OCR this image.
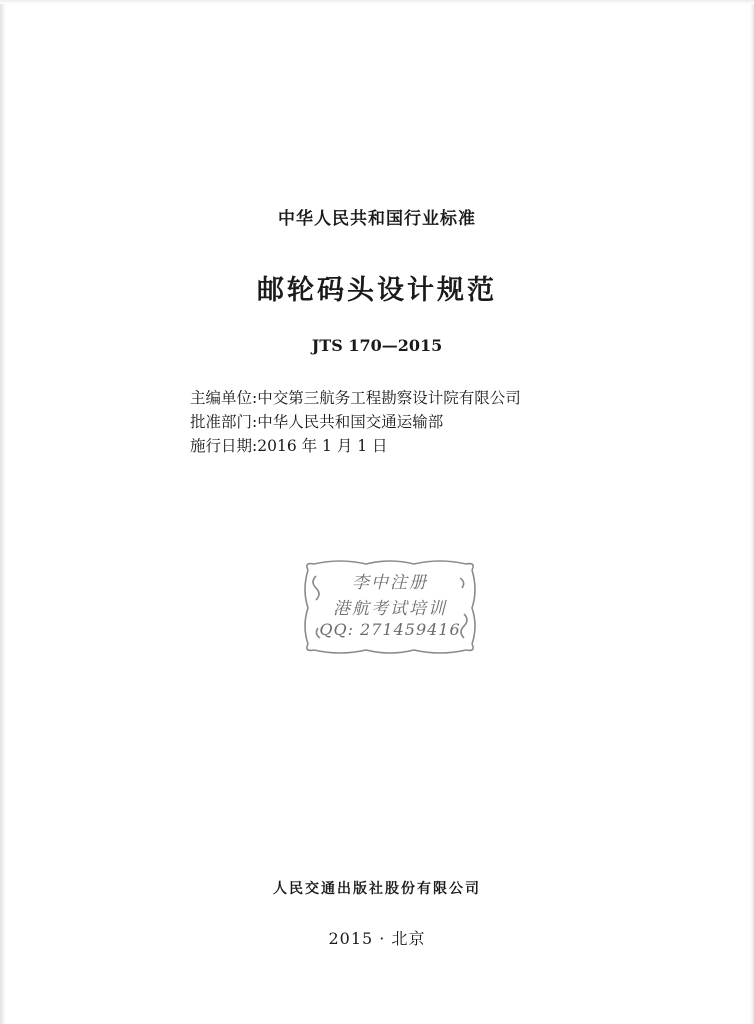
中华人民共和国行业标准
邮轮码头设计规范
JTS 170—2015
主编单位 : 中交第三航务工程勘察设计院有限公司
批准部门 : 中华人民共和国交通运输部
施行日期 : 2016 年 1 月 1 日
李中注册
港航考试培训
QQ: 271459416
人民交通出版社股份有限公司
2015 · 北京
